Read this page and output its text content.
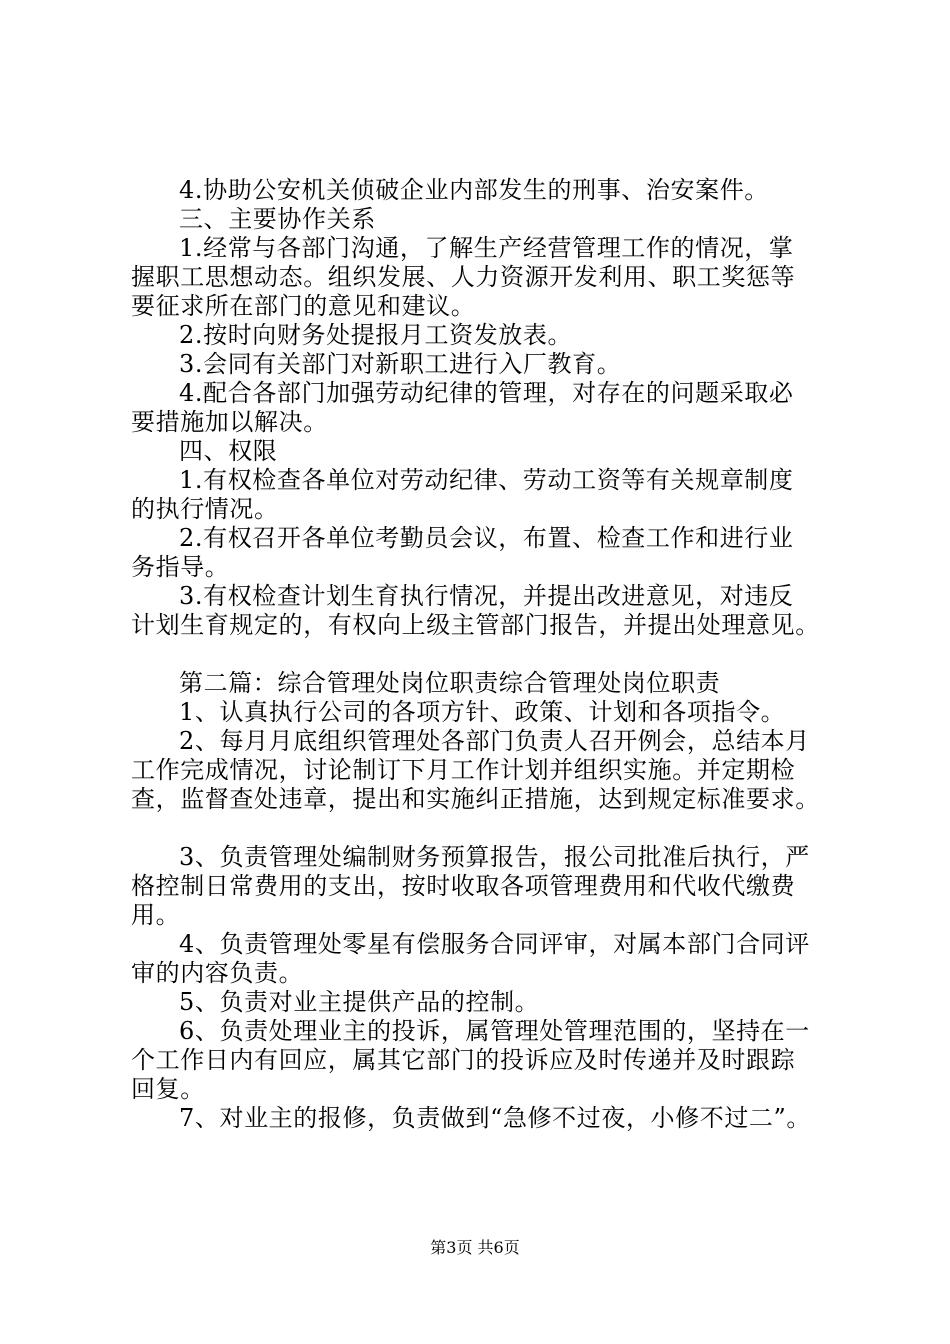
4.协助公安机关侦破企业内部发生的刑事、治安案件。
三、主要协作关系
1.经常与各部门沟通，了解生产经营管理工作的情况，掌
握职工思想动态。组织发展、人力资源开发利用、职工奖惩等
要征求所在部门的意见和建议。
2.按时向财务处提报月工资发放表。
3.会同有关部门对新职工进行入厂教育。
4.配合各部门加强劳动纪律的管理，对存在的问题采取必
要措施加以解决。
四、权限
1.有权检查各单位对劳动纪律、劳动工资等有关规章制度
的执行情况。
2.有权召开各单位考勤员会议，布置、检查工作和进行业
务指导。
3.有权检查计划生育执行情况，并提出改进意见，对违反
计划生育规定的，有权向上级主管部门报告，并提出处理意见。
第二篇：综合管理处岗位职责综合管理处岗位职责
1、认真执行公司的各项方针、政策、计划和各项指令。
2、每月月底组织管理处各部门负责人召开例会，总结本月
工作完成情况，讨论制订下月工作计划并组织实施。并定期检
查，监督查处违章，提出和实施纠正措施，达到规定标准要求。
3、负责管理处编制财务预算报告，报公司批准后执行，严
格控制日常费用的支出，按时收取各项管理费用和代收代缴费
用。
4、负责管理处零星有偿服务合同评审，对属本部门合同评
审的内容负责。
5、负责对业主提供产品的控制。
6、负责处理业主的投诉，属管理处管理范围的，坚持在一
个工作日内有回应，属其它部门的投诉应及时传递并及时跟踪
回复。
7、对业主的报修，负责做到“急修不过夜，小修不过二”。
第3页 共6页
